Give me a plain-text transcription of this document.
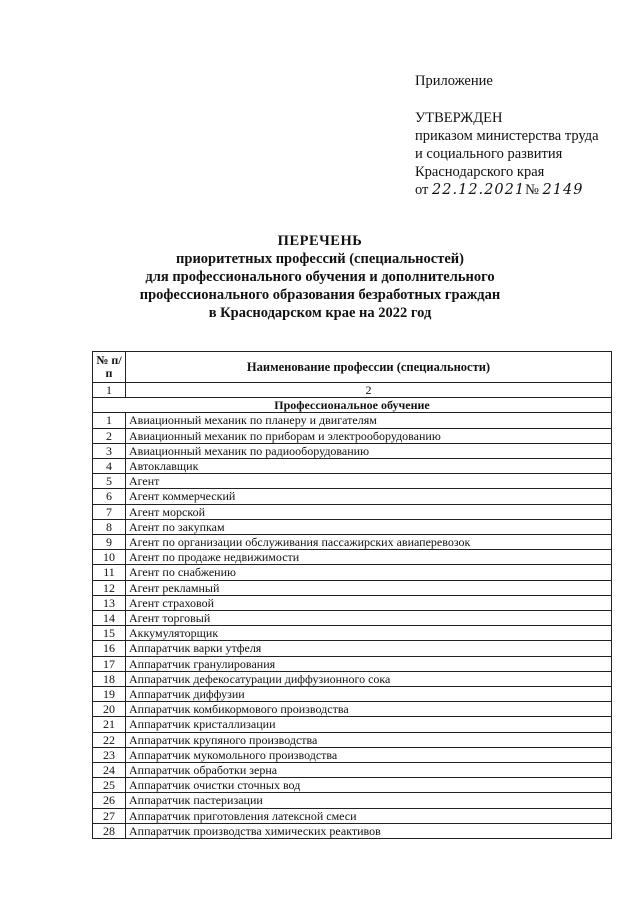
Приложение
УТВЕРЖДЕН
приказом министерства труда
и социального развития
Краснодарского края
от 22.12.2021№ 2149
ПЕРЕЧЕНЬ
приоритетных профессий (специальностей)
для профессионального обучения и дополнительного
профессионального образования безработных граждан
в Краснодарском крае на 2022 год
№ п/п	Наименование профессии (специальности)
1	2
Профессиональное обучение	
1	Авиационный механик по планеру и двигателям
2	Авиационный механик по приборам и электрооборудованию
3	Авиационный механик по радиооборудованию
4	Автоклавщик
5	Агент
6	Агент коммерческий
7	Агент морской
8	Агент по закупкам
9	Агент по организации обслуживания пассажирских авиаперевозок
10	Агент по продаже недвижимости
11	Агент по снабжению
12	Агент рекламный
13	Агент страховой
14	Агент торговый
15	Аккумуляторщик
16	Аппаратчик варки утфеля
17	Аппаратчик гранулирования
18	Аппаратчик дефекосатурации диффузионного сока
19	Аппаратчик диффузии
20	Аппаратчик комбикормового производства
21	Аппаратчик кристаллизации
22	Аппаратчик крупяного производства
23	Аппаратчик мукомольного производства
24	Аппаратчик обработки зерна
25	Аппаратчик очистки сточных вод
26	Аппаратчик пастеризации
27	Аппаратчик приготовления латексной смеси
28	Аппаратчик производства химических реактивов
